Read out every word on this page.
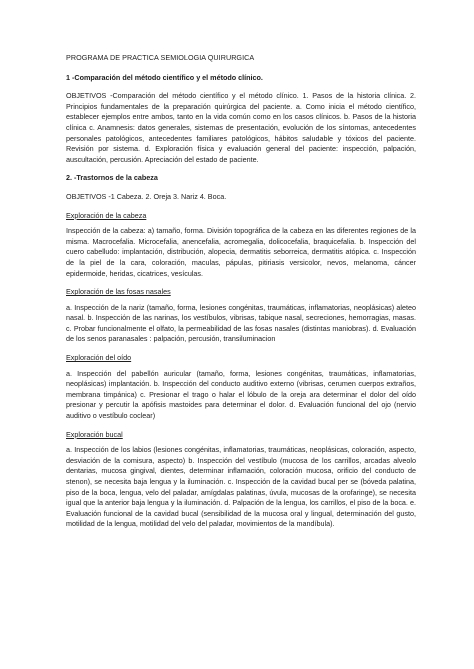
PROGRAMA DE PRACTICA SEMIOLOGIA QUIRURGICA

1 -Comparación del método científico y el método clínico.

OBJETIVOS -Comparación del método científico y el método clínico. 1. Pasos de la historia clínica. 2. Principios fundamentales de la preparación quirúrgica del paciente. a. Como inicia el método científico, establecer ejemplos entre ambos, tanto en la vida común como en los casos clínicos. b. Pasos de la historia clínica c. Anamnesis: datos generales, sistemas de presentación, evolución de los síntomas, antecedentes personales patológicos, antecedentes familiares patológicos, hábitos saludable y tóxicos del paciente. Revisión por sistema. d. Exploración física y evaluación general del paciente: inspección, palpación, auscultación, percusión. Apreciación del estado de paciente.

2. -Trastornos de la cabeza

OBJETIVOS -1 Cabeza. 2. Oreja 3. Nariz 4. Boca.

Exploración de la cabeza

Inspección de la cabeza: a) tamaño, forma. División topográfica de la cabeza en las diferentes regiones de la misma. Macrocefalia. Microcefalia, anencefalia, acromegalia, dolicocefalia, braquicefalia. b. Inspección del cuero cabelludo: implantación, distribución, alopecia, dermatitis seborreica, dermatitis atópica. c. Inspección de la piel de la cara, coloración, maculas, pápulas, pitiriasis versicolor, nevos, melanoma, cáncer epidermoide, heridas, cicatrices, vesículas.

Exploración de las fosas nasales

a. Inspección de la nariz (tamaño, forma, lesiones congénitas, traumáticas, inflamatorias, neoplásicas) aleteo nasal. b. Inspección de las narinas, los vestíbulos, vibrisas, tabique nasal, secreciones, hemorragias, masas. c. Probar funcionalmente el olfato, la permeabilidad de las fosas nasales (distintas maniobras). d. Evaluación de los senos paranasales : palpación, percusión, transiluminacion

Exploración del oído

a. Inspección del pabellón auricular (tamaño, forma, lesiones congénitas, traumáticas, inflamatorias, neoplásicas) implantación. b. Inspección del conducto auditivo externo (vibrisas, cerumen cuerpos extraños, membrana timpánica) c. Presionar el trago o halar el lóbulo de la oreja ara determinar el dolor del oído presionar y percutir la apófisis mastoides para determinar el dolor. d. Evaluación funcional del ojo (nervio auditivo o vestíbulo coclear)

Exploración bucal

a. Inspección de los labios (lesiones congénitas, inflamatorias, traumáticas, neoplásicas, coloración, aspecto, desviación de la comisura, aspecto) b. Inspección del vestíbulo (mucosa de los carrillos, arcadas alveolo dentarias, mucosa gingival, dientes, determinar inflamación, coloración mucosa, orificio del conducto de stenon), se necesita baja lengua y la iluminación. c. Inspección de la cavidad bucal per se (bóveda palatina, piso de la boca, lengua, velo del paladar, amígdalas palatinas, úvula, mucosas de la orofaringe), se necesita igual que la anterior baja lengua y la iluminación. d. Palpación de la lengua, los carrillos, el piso de la boca. e. Evaluación funcional de la cavidad bucal (sensibilidad de la mucosa oral y lingual, determinación del gusto, motilidad de la lengua, motilidad del velo del paladar, movimientos de la mandíbula).
